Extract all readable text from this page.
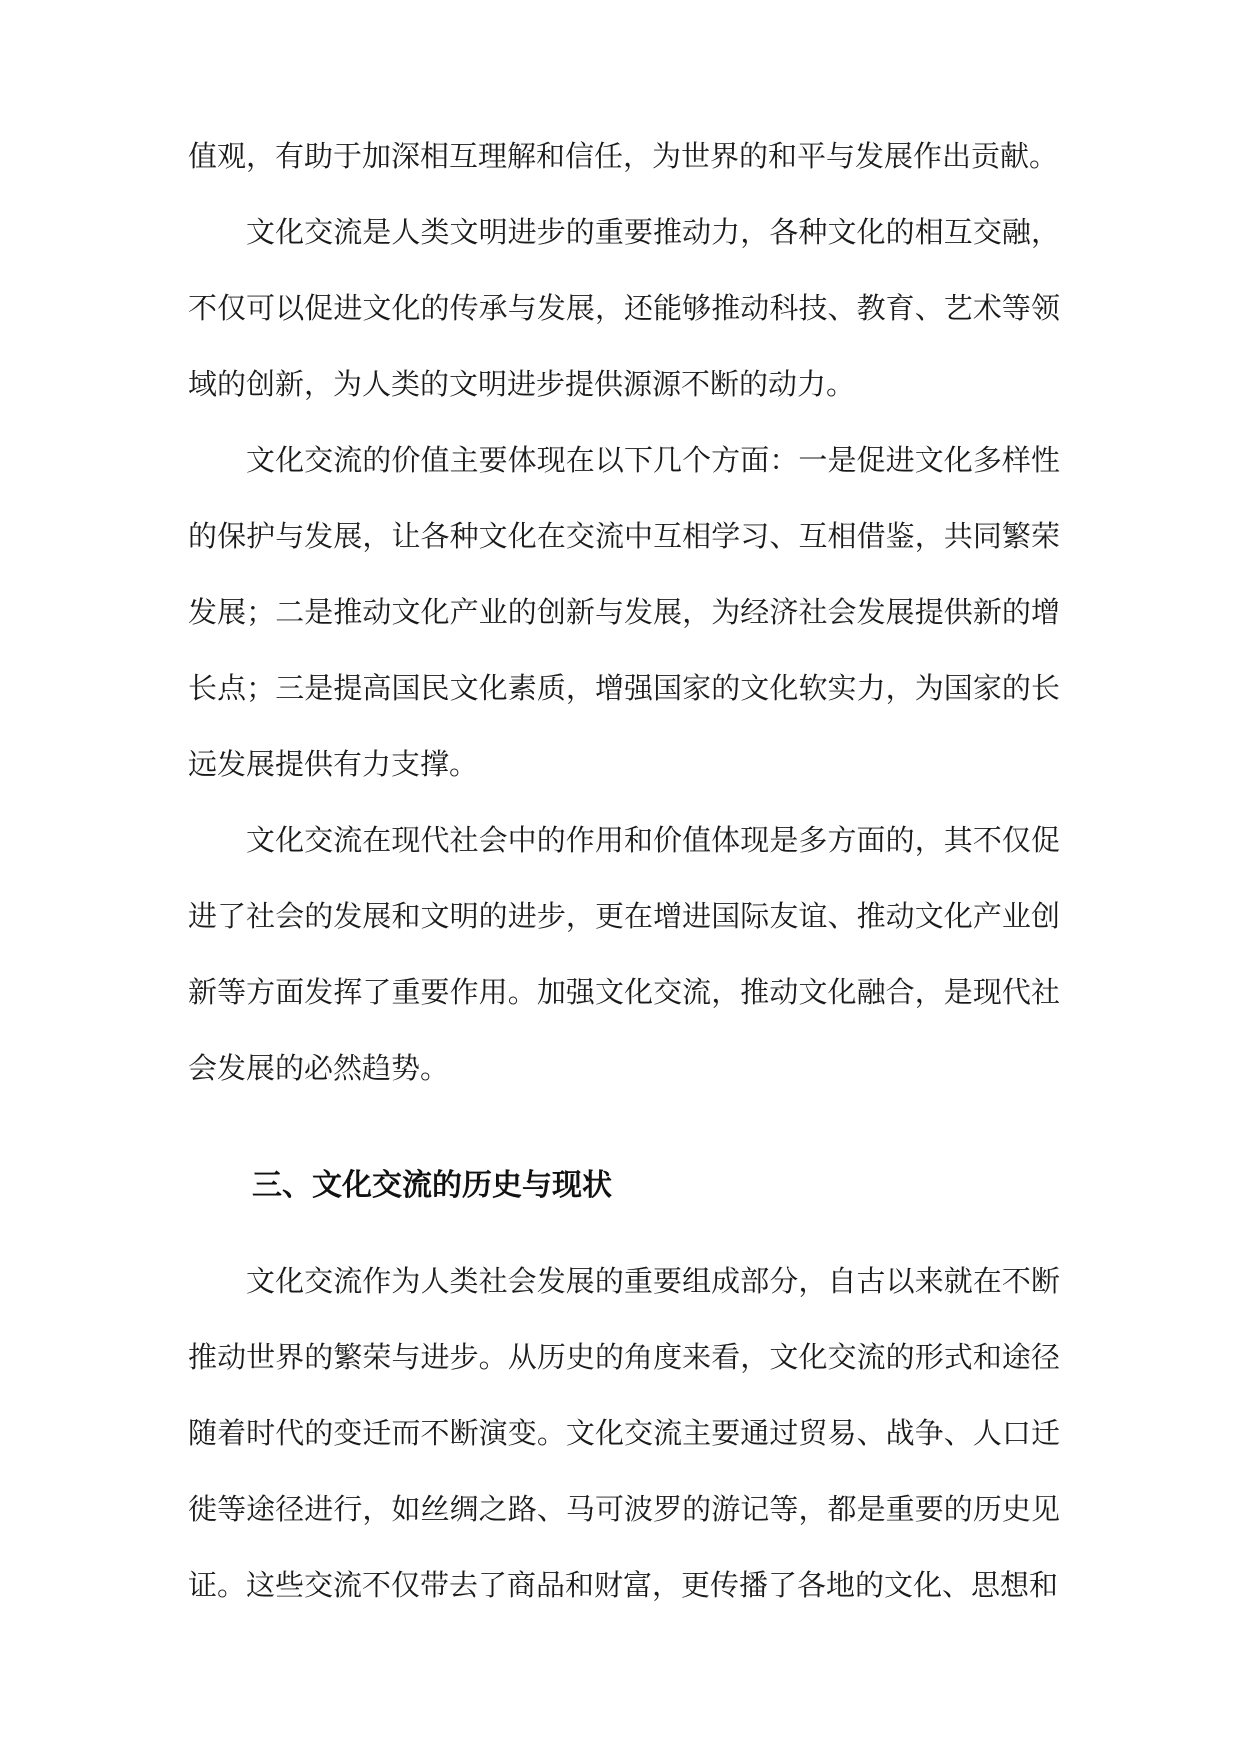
值观，有助于加深相互理解和信任，为世界的和平与发展作出贡献。

文化交流是人类文明进步的重要推动力，各种文化的相互交融，不仅可以促进文化的传承与发展，还能够推动科技、教育、艺术等领域的创新，为人类的文明进步提供源源不断的动力。

文化交流的价值主要体现在以下几个方面：一是促进文化多样性的保护与发展，让各种文化在交流中互相学习、互相借鉴，共同繁荣发展；二是推动文化产业的创新与发展，为经济社会发展提供新的增长点；三是提高国民文化素质，增强国家的文化软实力，为国家的长远发展提供有力支撑。

文化交流在现代社会中的作用和价值体现是多方面的，其不仅促进了社会的发展和文明的进步，更在增进国际友谊、推动文化产业创新等方面发挥了重要作用。加强文化交流，推动文化融合，是现代社会发展的必然趋势。

三、文化交流的历史与现状

文化交流作为人类社会发展的重要组成部分，自古以来就在不断推动世界的繁荣与进步。从历史的角度来看，文化交流的形式和途径随着时代的变迁而不断演变。文化交流主要通过贸易、战争、人口迁徙等途径进行，如丝绸之路、马可波罗的游记等，都是重要的历史见证。这些交流不仅带去了商品和财富，更传播了各地的文化、思想和
